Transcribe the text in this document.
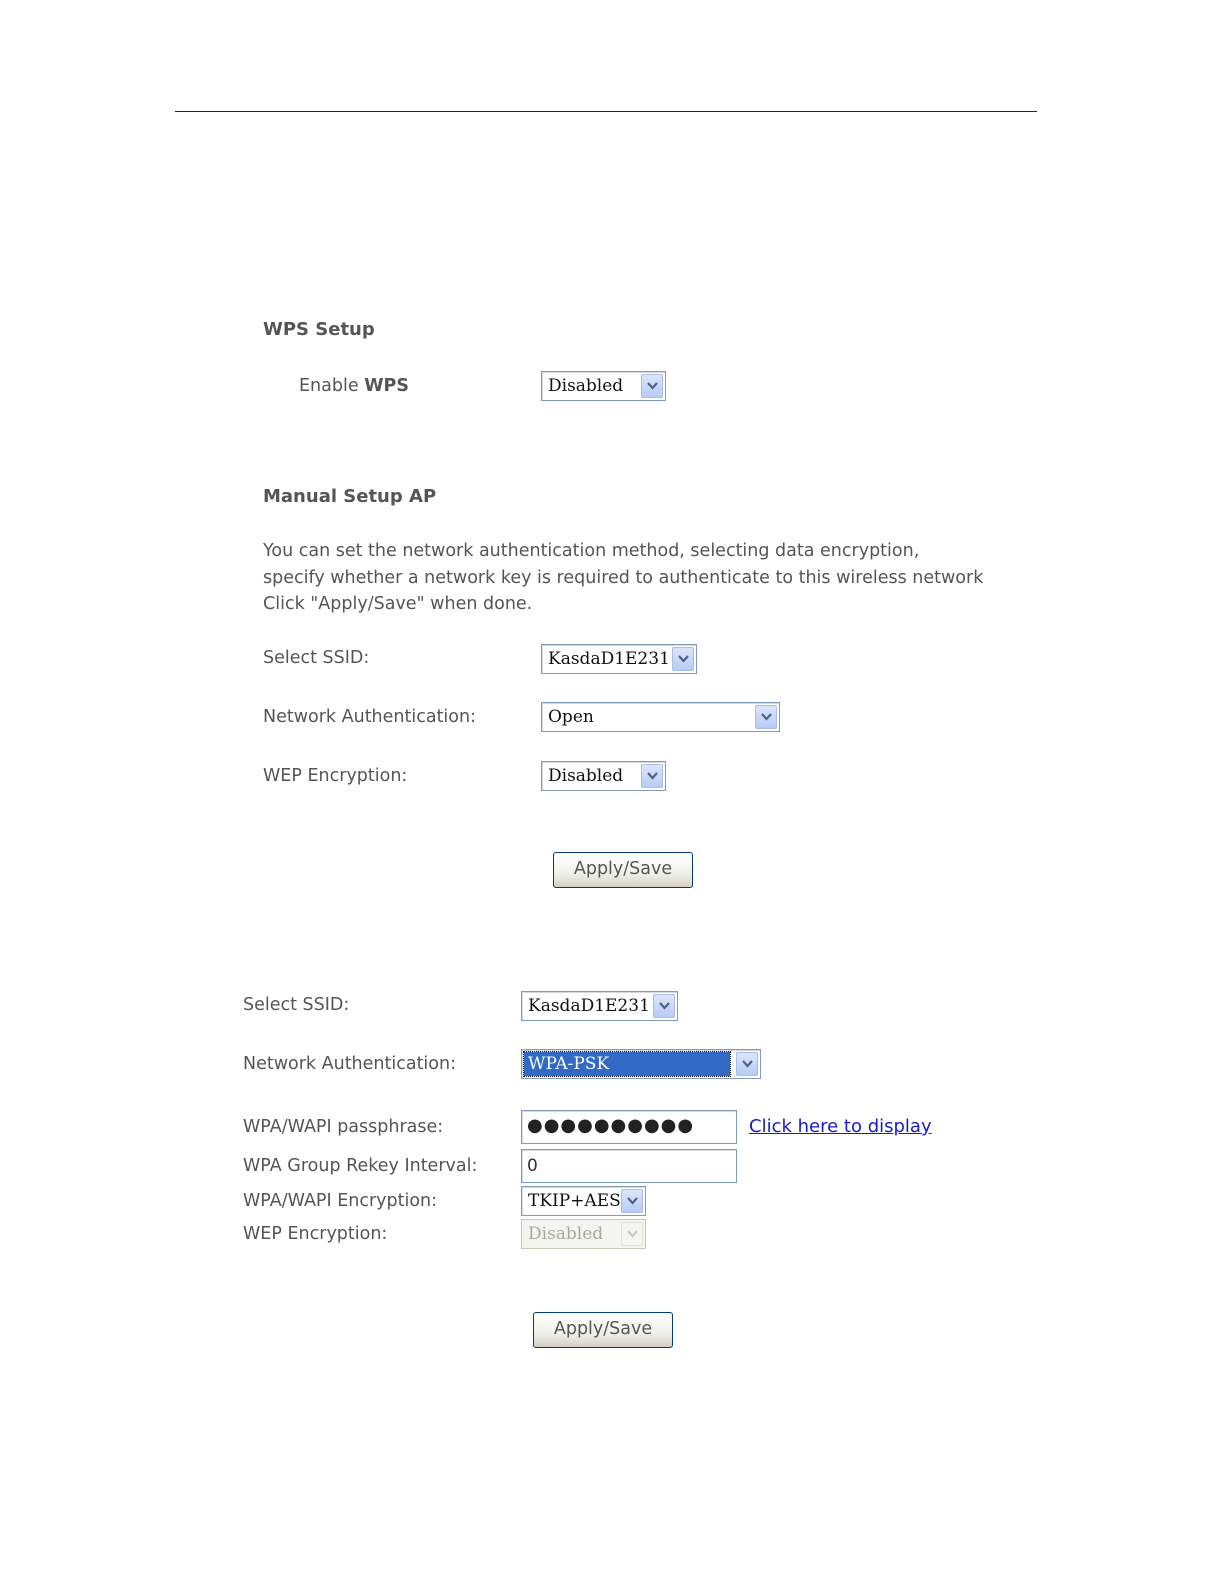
WPS Setup
Enable WPS	Disabled
Manual Setup AP
You can set the network authentication method, selecting data encryption,
specify whether a network key is required to authenticate to this wireless network
Click "Apply/Save" when done.
Select SSID:	KasdaD1E231
Network Authentication:	Open
WEP Encryption:	Disabled
Apply/Save
Select SSID:	KasdaD1E231
Network Authentication:	WPA-PSK
WPA/WAPI passphrase:	●●●●●●●●●●	Click here to display
WPA Group Rekey Interval:	0
WPA/WAPI Encryption:	TKIP+AES
WEP Encryption:	Disabled
Apply/Save
